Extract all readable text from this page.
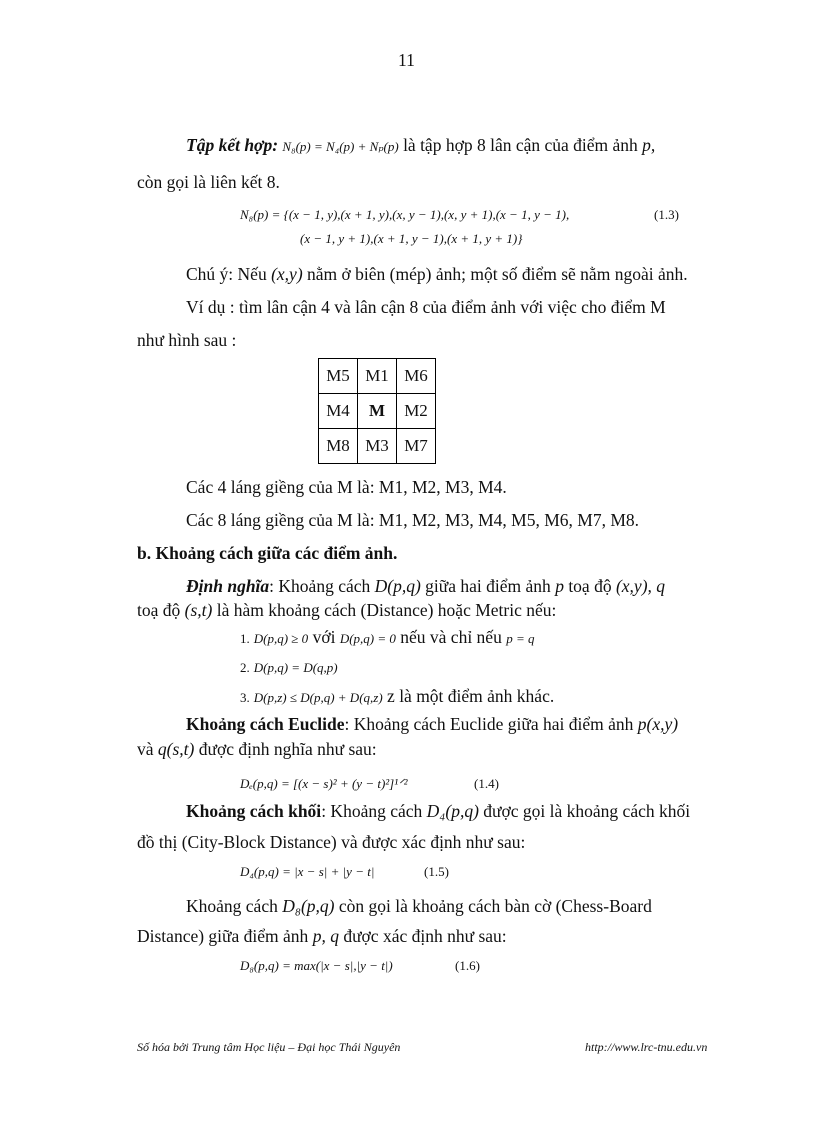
11
Tập kết hợp: N₈(p) = N₄(p) + Nₚ(p) là tập hợp 8 lân cận của điểm ảnh p,
còn gọi là liên kết 8.
N₈(p) = {(x − 1, y),(x + 1, y),(x, y − 1),(x, y + 1),(x − 1, y − 1),	(1.3)
(x − 1, y + 1),(x + 1, y − 1),(x + 1, y + 1)}
Chú ý: Nếu (x,y) nằm ở biên (mép) ảnh; một số điểm sẽ nằm ngoài ảnh.
Ví dụ : tìm lân cận 4 và lân cận 8 của điểm ảnh với việc cho điểm M
như hình sau :
M5	M1	M6
M4	M	M2
M8	M3	M7
Các 4 láng giềng của M là: M1, M2, M3, M4.
Các 8 láng giềng của M là: M1, M2, M3, M4, M5, M6, M7, M8.
b. Khoảng cách giữa các điểm ảnh.
Định nghĩa: Khoảng cách D(p,q) giữa hai điểm ảnh p toạ độ (x,y), q
toạ độ (s,t) là hàm khoảng cách (Distance) hoặc Metric nếu:
1. D(p,q) ≥ 0 với D(p,q) = 0 nếu và chỉ nếu p = q
2. D(p,q) = D(q,p)
3. D(p,z) ≤ D(p,q) + D(q,z) z là một điểm ảnh khác.
Khoảng cách Euclide: Khoảng cách Euclide giữa hai điểm ảnh p(x,y)
và q(s,t) được định nghĩa như sau:
Dₑ(p,q) = [(x − s)² + (y − t)²]¹ᐟ²	(1.4)
Khoảng cách khối: Khoảng cách D₄(p,q) được gọi là khoảng cách khối
đồ thị (City-Block Distance) và được xác định như sau:
D₄(p,q) = |x − s| + |y − t|	(1.5)
Khoảng cách D₈(p,q) còn gọi là khoảng cách bàn cờ (Chess-Board
Distance) giữa điểm ảnh p, q được xác định như sau:
D₈(p,q) = max(|x − s|,|y − t|)	(1.6)
Số hóa bởi Trung tâm Học liệu – Đại học Thái Nguyên	http://www.lrc-tnu.edu.vn
